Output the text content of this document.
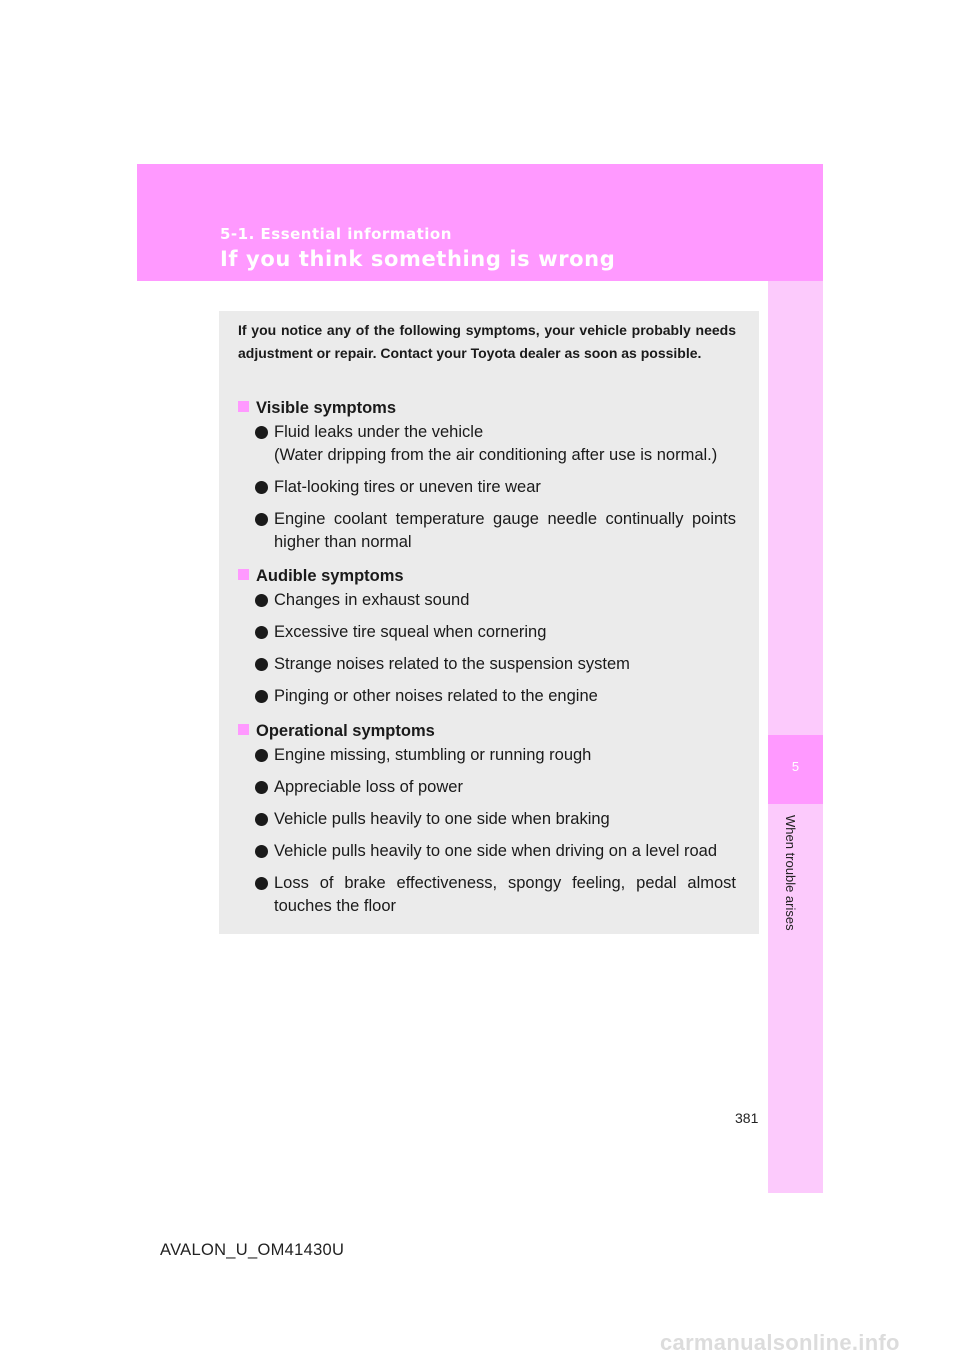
5-1. Essential information
If you think something is wrong
5
When trouble arises

If you notice any of the following symptoms, your vehicle probably needs adjustment or repair. Contact your Toyota dealer as soon as possible.

Visible symptoms
Fluid leaks under the vehicle
(Water dripping from the air conditioning after use is normal.)
Flat-looking tires or uneven tire wear
Engine coolant temperature gauge needle continually points higher than normal
Audible symptoms
Changes in exhaust sound
Excessive tire squeal when cornering
Strange noises related to the suspension system
Pinging or other noises related to the engine
Operational symptoms
Engine missing, stumbling or running rough
Appreciable loss of power
Vehicle pulls heavily to one side when braking
Vehicle pulls heavily to one side when driving on a level road
Loss of brake effectiveness, spongy feeling, pedal almost touches the floor
381
AVALON_U_OM41430U
carmanualsonline.info
